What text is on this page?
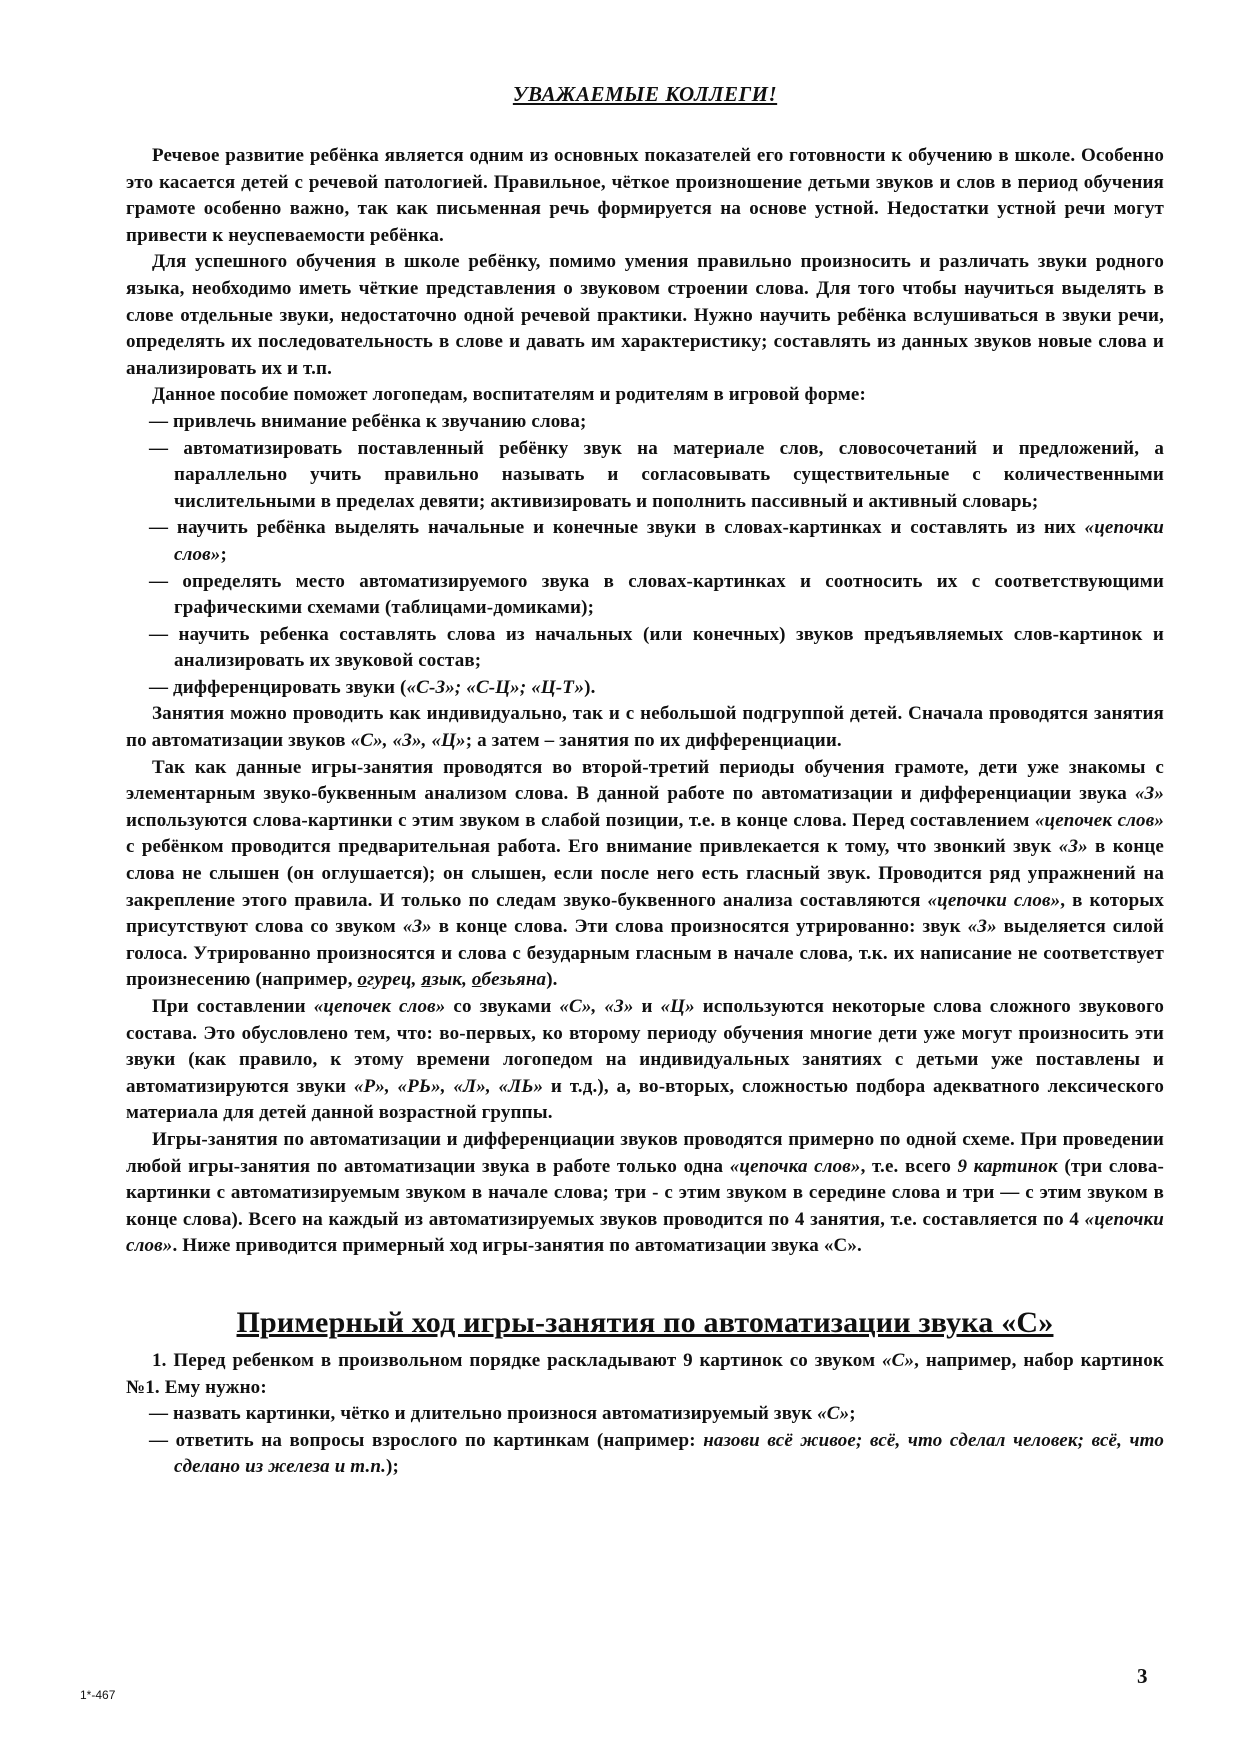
УВАЖАЕМЫЕ КОЛЛЕГИ!

Речевое развитие ребёнка является одним из основных показателей его готовности к обучению в школе. Особенно это касается детей с речевой патологией. Правильное, чёткое произношение детьми звуков и слов в период обучения грамоте особенно важно, так как письменная речь формируется на основе устной. Недостатки устной речи могут привести к неуспеваемости ребёнка.

Для успешного обучения в школе ребёнку, помимо умения правильно произносить и различать звуки родного языка, необходимо иметь чёткие представления о звуковом строении слова. Для того чтобы научиться выделять в слове отдельные звуки, недостаточно одной речевой практики. Нужно научить ребёнка вслушиваться в звуки речи, определять их последовательность в слове и давать им характеристику; составлять из данных звуков новые слова и анализировать их и т.п.

Данное пособие поможет логопедам, воспитателям и родителям в игровой форме:

— привлечь внимание ребёнка к звучанию слова;
— автоматизировать поставленный ребёнку звук на материале слов, словосочетаний и предложений, а параллельно учить правильно называть и согласовывать существительные с количественными числительными в пределах девяти; активизировать и пополнить пассивный и активный словарь;
— научить ребёнка выделять начальные и конечные звуки в словах-картинках и составлять из них «цепочки слов»;
— определять место автоматизируемого звука в словах-картинках и соотносить их с соответствующими графическими схемами (таблицами-домиками);
— научить ребенка составлять слова из начальных (или конечных) звуков предъявляемых слов-картинок и анализировать их звуковой состав;
— дифференцировать звуки («С-З»; «С-Ц»; «Ц-Т»).

Занятия можно проводить как индивидуально, так и с небольшой подгруппой детей. Сначала проводятся занятия по автоматизации звуков «С», «З», «Ц»; а затем – занятия по их дифференциации.

Так как данные игры-занятия проводятся во второй-третий периоды обучения грамоте, дети уже знакомы с элементарным звуко-буквенным анализом слова. В данной работе по автоматизации и дифференциации звука «З» используются слова-картинки с этим звуком в слабой позиции, т.е. в конце слова. Перед составлением «цепочек слов» с ребёнком проводится предварительная работа. Его внимание привлекается к тому, что звонкий звук «З» в конце слова не слышен (он оглушается); он слышен, если после него есть гласный звук. Проводится ряд упражнений на закрепление этого правила. И только по следам звуко-буквенного анализа составляются «цепочки слов», в которых присутствуют слова со звуком «З» в конце слова. Эти слова произносятся утрированно: звук «З» выделяется силой голоса. Утрированно произносятся и слова с безударным гласным в начале слова, т.к. их написание не соответствует произнесению (например, огурец, язык, обезьяна).

При составлении «цепочек слов» со звуками «С», «З» и «Ц» используются некоторые слова сложного звукового состава. Это обусловлено тем, что: во-первых, ко второму периоду обучения многие дети уже могут произносить эти звуки (как правило, к этому времени логопедом на индивидуальных занятиях с детьми уже поставлены и автоматизируются звуки «Р», «РЬ», «Л», «ЛЬ» и т.д.), а, во-вторых, сложностью подбора адекватного лексического материала для детей данной возрастной группы.

Игры-занятия по автоматизации и дифференциации звуков проводятся примерно по одной схеме. При проведении любой игры-занятия по автоматизации звука в работе только одна «цепочка слов», т.е. всего 9 картинок (три слова-картинки с автоматизируемым звуком в начале слова; три - с этим звуком в середине слова и три — с этим звуком в конце слова). Всего на каждый из автоматизируемых звуков проводится по 4 занятия, т.е. составляется по 4 «цепочки слов». Ниже приводится примерный ход игры-занятия по автоматизации звука «С».

Примерный ход игры-занятия по автоматизации звука «С»

1. Перед ребенком в произвольном порядке раскладывают 9 картинок со звуком «С», например, набор картинок №1. Ему нужно:

— назвать картинки, чётко и длительно произнося автоматизируемый звук «С»;
— ответить на вопросы взрослого по картинкам (например: назови всё живое; всё, что сделал человек; всё, что сделано из железа и т.п.);
1*-467
3
